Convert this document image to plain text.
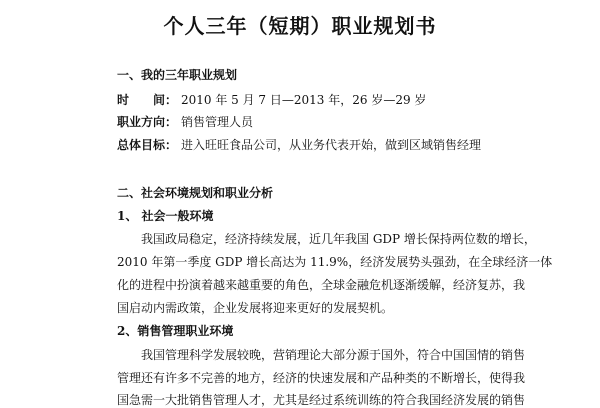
个人三年（短期）职业规划书
一、我的三年职业规划
时　　间： 2010 年 5 月 7 日—2013 年，26 岁—29 岁
职业方向： 销售管理人员
总体目标： 进入旺旺食品公司，从业务代表开始，做到区域销售经理
二、社会环境规划和职业分析
1、 社会一般环境
我国政局稳定，经济持续发展，近几年我国 GDP 增长保持两位数的增长，
2010 年第一季度 GDP 增长高达为 11.9%，经济发展势头强劲，在全球经济一体
化的进程中扮演着越来越重要的角色，全球金融危机逐渐缓解，经济复苏，我
国启动内需政策，企业发展将迎来更好的发展契机。
2、销售管理职业环境
我国管理科学发展较晚，营销理论大部分源于国外，符合中国国情的销售
管理还有许多不完善的地方，经济的快速发展和产品种类的不断增长，使得我
国急需一大批销售管理人才，尤其是经过系统训练的符合我国经济发展的销售
